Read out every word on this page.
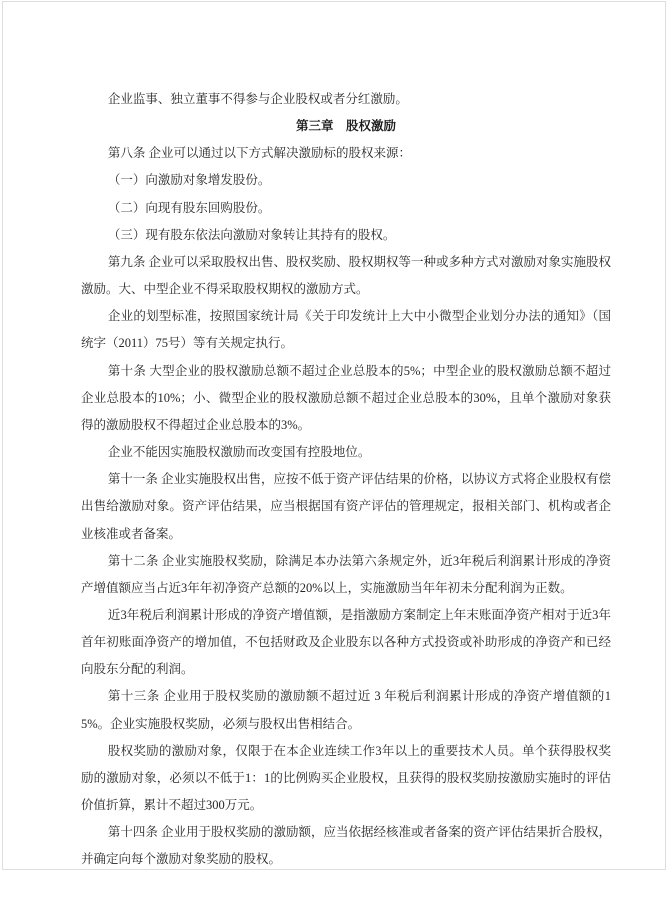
企业监事、独立董事不得参与企业股权或者分红激励。

第三章　股权激励

第八条 企业可以通过以下方式解决激励标的股权来源：

（一）向激励对象增发股份。

（二）向现有股东回购股份。

（三）现有股东依法向激励对象转让其持有的股权。

第九条 企业可以采取股权出售、股权奖励、股权期权等一种或多种方式对激励对象实施股权激励。大、中型企业不得采取股权期权的激励方式。

企业的划型标准，按照国家统计局《关于印发统计上大中小微型企业划分办法的通知》（国统字（2011）75号）等有关规定执行。

第十条 大型企业的股权激励总额不超过企业总股本的5%；中型企业的股权激励总额不超过企业总股本的10%；小、微型企业的股权激励总额不超过企业总股本的30%，且单个激励对象获得的激励股权不得超过企业总股本的3%。

企业不能因实施股权激励而改变国有控股地位。

第十一条 企业实施股权出售，应按不低于资产评估结果的价格，以协议方式将企业股权有偿出售给激励对象。资产评估结果，应当根据国有资产评估的管理规定，报相关部门、机构或者企业核准或者备案。

第十二条 企业实施股权奖励，除满足本办法第六条规定外，近3年税后利润累计形成的净资产增值额应当占近3年年初净资产总额的20%以上，实施激励当年年初未分配利润为正数。

近3年税后利润累计形成的净资产增值额，是指激励方案制定上年末账面净资产相对于近3年首年初账面净资产的增加值，不包括财政及企业股东以各种方式投资或补助形成的净资产和已经向股东分配的利润。

第十三条 企业用于股权奖励的激励额不超过近 3 年税后利润累计形成的净资产增值额的15%。企业实施股权奖励，必须与股权出售相结合。

股权奖励的激励对象，仅限于在本企业连续工作3年以上的重要技术人员。单个获得股权奖励的激励对象，必须以不低于1：1的比例购买企业股权，且获得的股权奖励按激励实施时的评估价值折算，累计不超过300万元。

第十四条 企业用于股权奖励的激励额，应当依据经核准或者备案的资产评估结果折合股权，并确定向每个激励对象奖励的股权。
